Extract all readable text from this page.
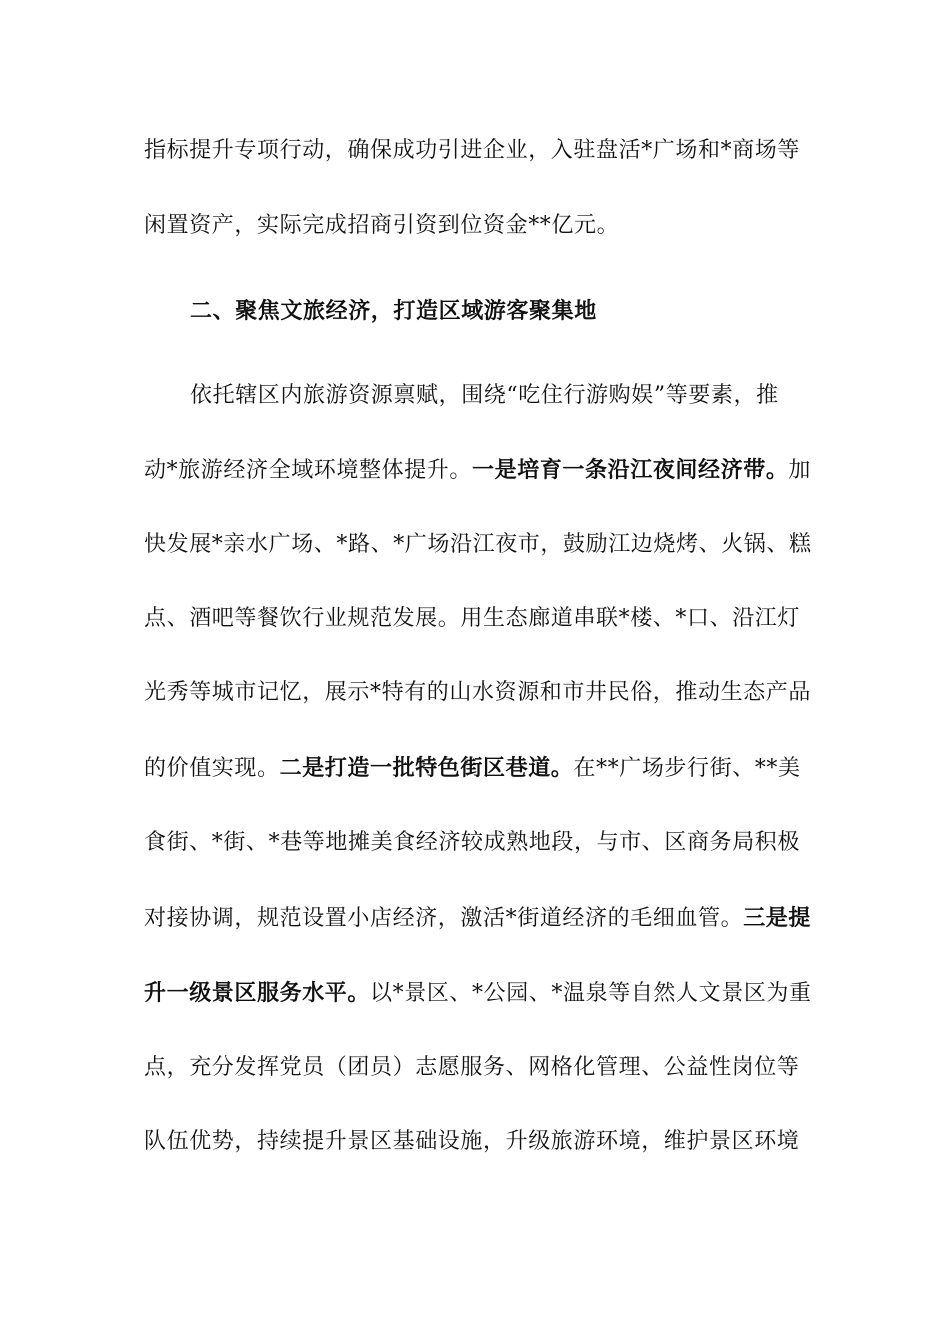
指标提升专项行动，确保成功引进企业，入驻盘活*广场和*商场等
闲置资产，实际完成招商引资到位资金**亿元。
二、聚焦文旅经济，打造区域游客聚集地
依托辖区内旅游资源禀赋，围绕“吃住行游购娱”等要素，推
动*旅游经济全域环境整体提升。一是培育一条沿江夜间经济带。加
快发展*亲水广场、*路、*广场沿江夜市，鼓励江边烧烤、火锅、糕
点、酒吧等餐饮行业规范发展。用生态廊道串联*楼、*口、沿江灯
光秀等城市记忆，展示*特有的山水资源和市井民俗，推动生态产品
的价值实现。二是打造一批特色街区巷道。在**广场步行街、**美
食街、*街、*巷等地摊美食经济较成熟地段，与市、区商务局积极
对接协调，规范设置小店经济，激活*街道经济的毛细血管。三是提
升一级景区服务水平。以*景区、*公园、*温泉等自然人文景区为重
点，充分发挥党员（团员）志愿服务、网格化管理、公益性岗位等
队伍优势，持续提升景区基础设施，升级旅游环境，维护景区环境
